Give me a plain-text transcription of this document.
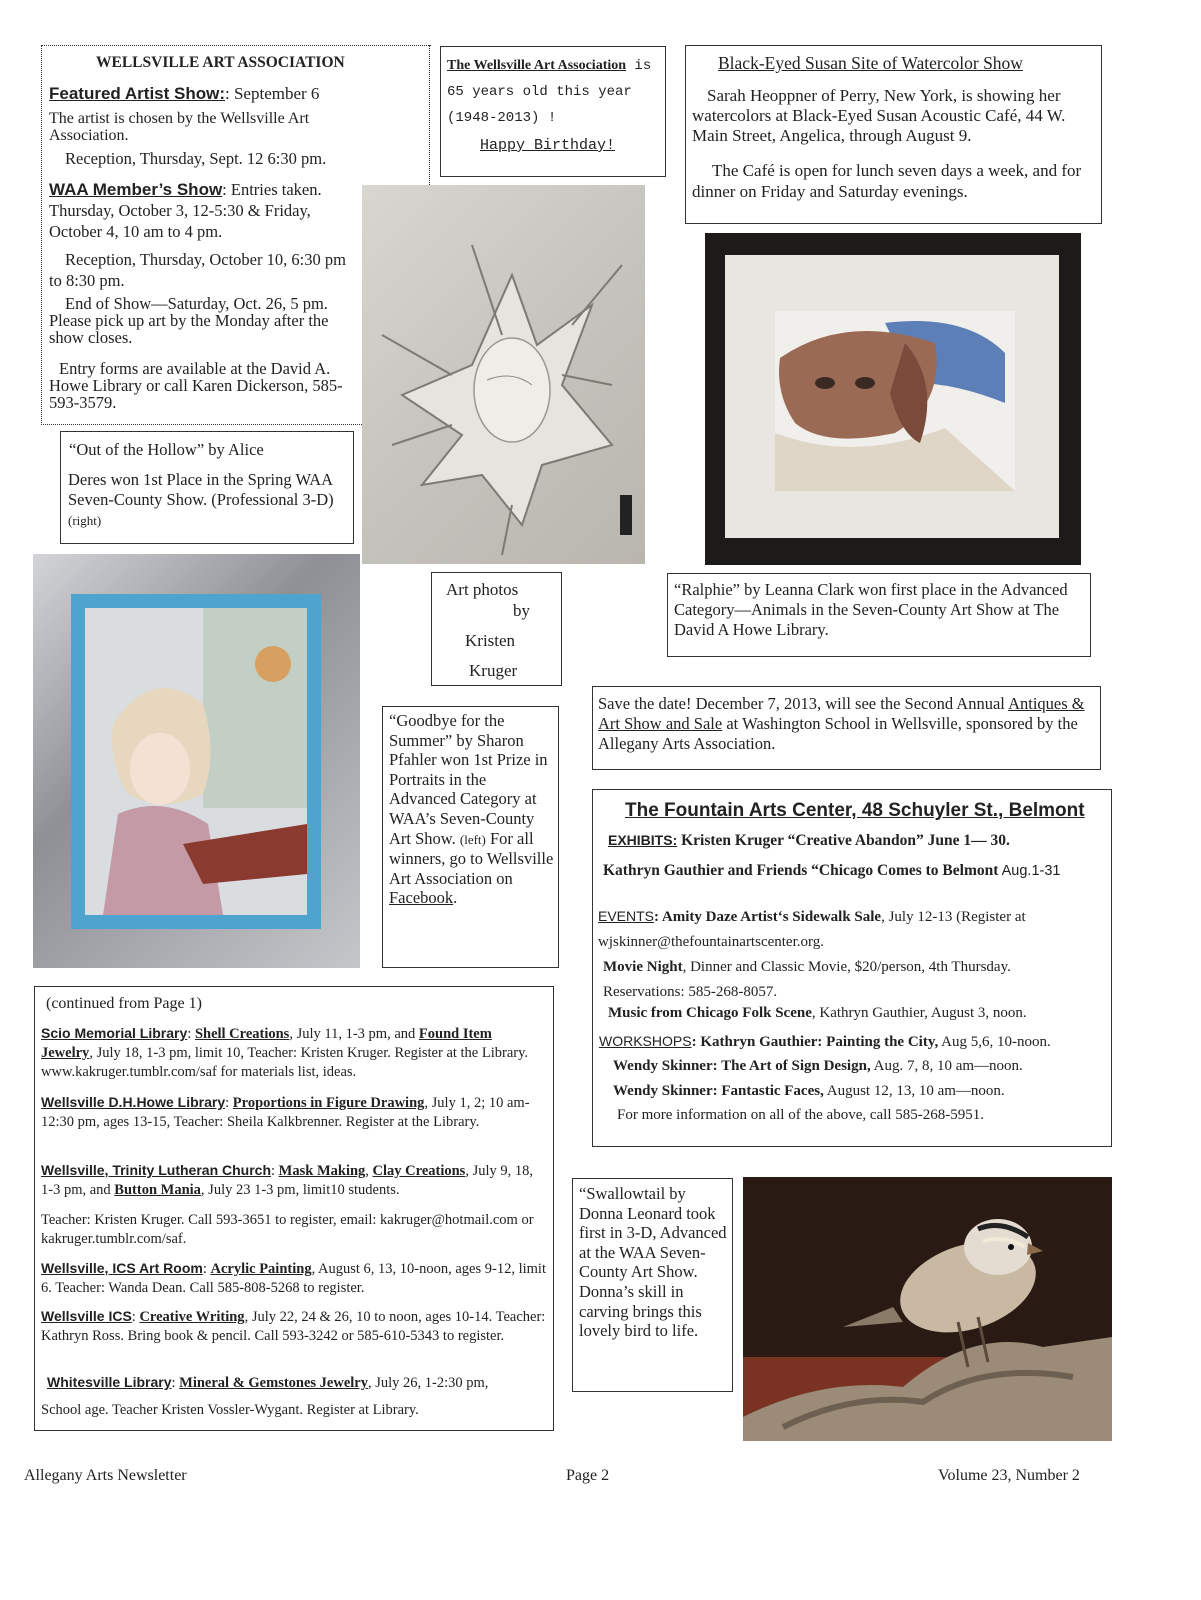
WELLSVILLE ART ASSOCIATION
Featured Artist Show:: September 6
The artist is chosen by the Wellsville Art Association.
Reception, Thursday, Sept. 12 6:30 pm.
WAA Member’s Show: Entries taken. Thursday, October 3, 12-5:30 & Friday, October 4, 10 am to 4 pm.
Reception, Thursday, October 10, 6:30 pm to 8:30 pm.
End of Show—Saturday, Oct. 26, 5 pm. Please pick up art by the Monday after the show closes.
Entry forms are available at the David A. Howe Library or call Karen Dickerson, 585-593-3579.
The Wellsville Art Association is 65 years old this year (1948-2013) !
Happy Birthday!
Black-Eyed Susan Site of Watercolor Show
Sarah Heoppner of Perry, New York, is showing her watercolors at Black-Eyed Susan Acoustic Café, 44 W. Main Street, Angelica, through August 9.
The Café is open for lunch seven days a week, and for dinner on Friday and Saturday evenings.
“Out of the Hollow” by Alice
Deres won 1st Place in the Spring WAA Seven-County Show. (Professional 3-D) (right)
Art photos
by
Kristen
Kruger
“Ralphie” by Leanna Clark won first place in the Advanced Category—Animals in the Seven-County Art Show at The David A Howe Library.
“Goodbye for the Summer” by Sharon Pfahler won 1st Prize in Portraits in the Advanced Category at WAA’s Seven-County Art Show. (left) For all winners, go to Wellsville Art Association on Facebook.
Save the date! December 7, 2013, will see the Second Annual Antiques & Art Show and Sale at Washington School in Wellsville, sponsored by the Allegany Arts Association.
The Fountain Arts Center, 48 Schuyler St., Belmont
EXHIBITS: Kristen Kruger “Creative Abandon” June 1— 30.
Kathryn Gauthier and Friends “Chicago Comes to Belmont Aug.1-31
EVENTS: Amity Daze Artist‘s Sidewalk Sale, July 12-13 (Register at wjskinner@thefountainartscenter.org.
Movie Night, Dinner and Classic Movie, $20/person, 4th Thursday. Reservations: 585-268-8057.
Music from Chicago Folk Scene, Kathryn Gauthier, August 3, noon.
WORKSHOPS: Kathryn Gauthier: Painting the City, Aug 5,6, 10-noon.
Wendy Skinner: The Art of Sign Design, Aug. 7, 8, 10 am—noon.
Wendy Skinner: Fantastic Faces, August 12, 13, 10 am—noon.
For more information on all of the above, call 585-268-5951.
(continued from Page 1)
Scio Memorial Library: Shell Creations, July 11, 1-3 pm, and Found Item Jewelry, July 18, 1-3 pm, limit 10, Teacher: Kristen Kruger. Register at the Library. www.kakruger.tumblr.com/saf for materials list, ideas.
Wellsville D.H.Howe Library: Proportions in Figure Drawing, July 1, 2; 10 am-12:30 pm, ages 13-15, Teacher: Sheila Kalkbrenner. Register at the Library.
Wellsville, Trinity Lutheran Church: Mask Making, Clay Creations, July 9, 18, 1-3 pm, and Button Mania, July 23 1-3 pm, limit10 students.
Teacher: Kristen Kruger. Call 593-3651 to register, email: kakruger@hotmail.com or kakruger.tumblr.com/saf.
Wellsville, ICS Art Room: Acrylic Painting, August 6, 13, 10-noon, ages 9-12, limit 6. Teacher: Wanda Dean. Call 585-808-5268 to register.
Wellsville ICS: Creative Writing, July 22, 24 & 26, 10 to noon, ages 10-14. Teacher: Kathryn Ross. Bring book & pencil. Call 593-3242 or 585-610-5343 to register.
Whitesville Library: Mineral & Gemstones Jewelry, July 26, 1-2:30 pm,
School age. Teacher Kristen Vossler-Wygant. Register at Library.
“Swallowtail by Donna Leonard took first in 3-D, Advanced at the WAA Seven-County Art Show. Donna’s skill in carving brings this lovely bird to life.
Allegany Arts Newsletter	Page 2	Volume 23, Number 2
